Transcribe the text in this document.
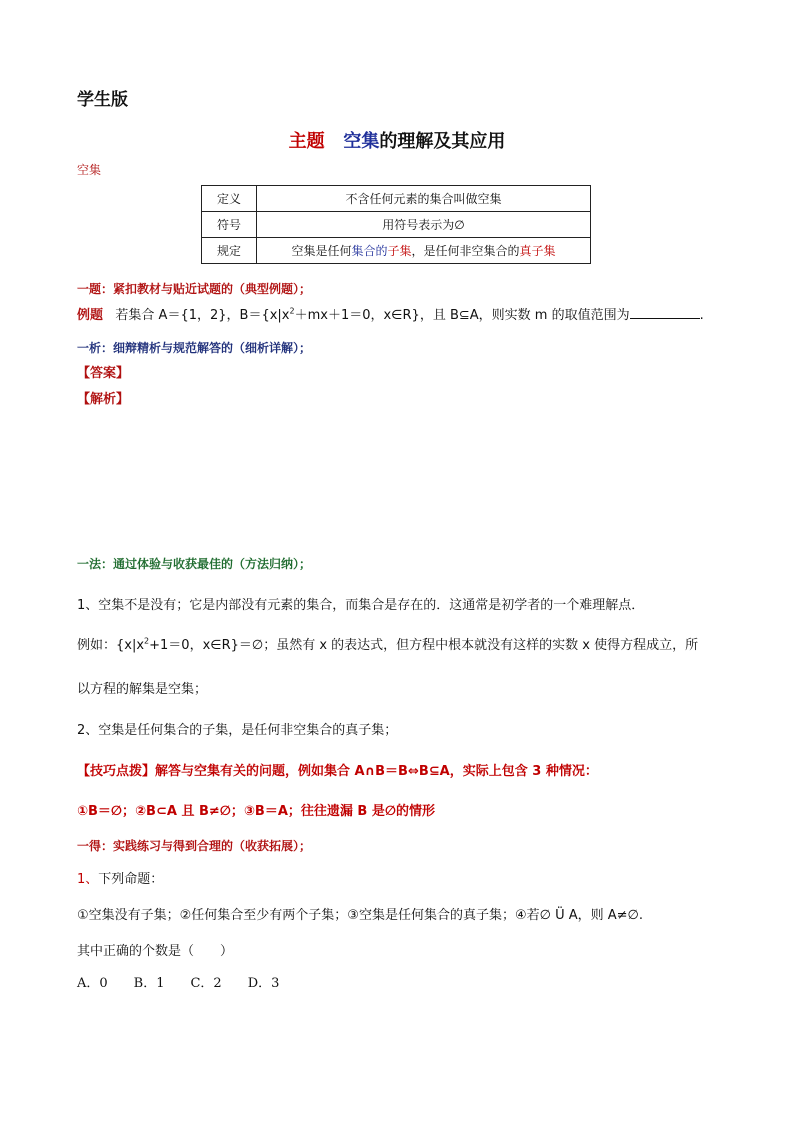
学生版
主题 空集的理解及其应用
空集
定义	不含任何元素的集合叫做空集
符号	用符号表示为∅
规定	空集是任何集合的子集，是任何非空集合的真子集
一题：紧扣教材与贴近试题的（典型例题）；
例题 若集合 A＝{1，2}，$B=\{x|x^2+mx+1=0$，x∈R}，且 B⊆A，则实数 m 的取值范围为	.
一析：细辩精析与规范解答的（细析详解）；
【答案】
【解析】
一法：通过体验与收获最佳的（方法归纳）；
1、空集不是没有；它是内部没有元素的集合，而集合是存在的．这通常是初学者的一个难理解点．
例如：{$x|x^2+1=0$，x∈R}＝∅；虽然有 x 的表达式，但方程中根本就没有这样的实数 x 使得方程成立，所
以方程的解集是空集；
2、空集是任何集合的子集，是任何非空集合的真子集；
【技巧点拨】解答与空集有关的问题，例如集合 A∩B＝B⇔B⊆A，实际上包含 3 种情况：
①B＝∅；②B⊂A 且 B≠∅；③B＝A；往往遗漏 B 是∅的情形
一得：实践练习与得到合理的（收获拓展）；
1、下列命题：
①空集没有子集；②任何集合至少有两个子集；③空集是任何集合的真子集；④若∅ Ü A，则 A≠∅.
其中正确的个数是（　　）
A．0　　B．1　　C．2　　D．3
